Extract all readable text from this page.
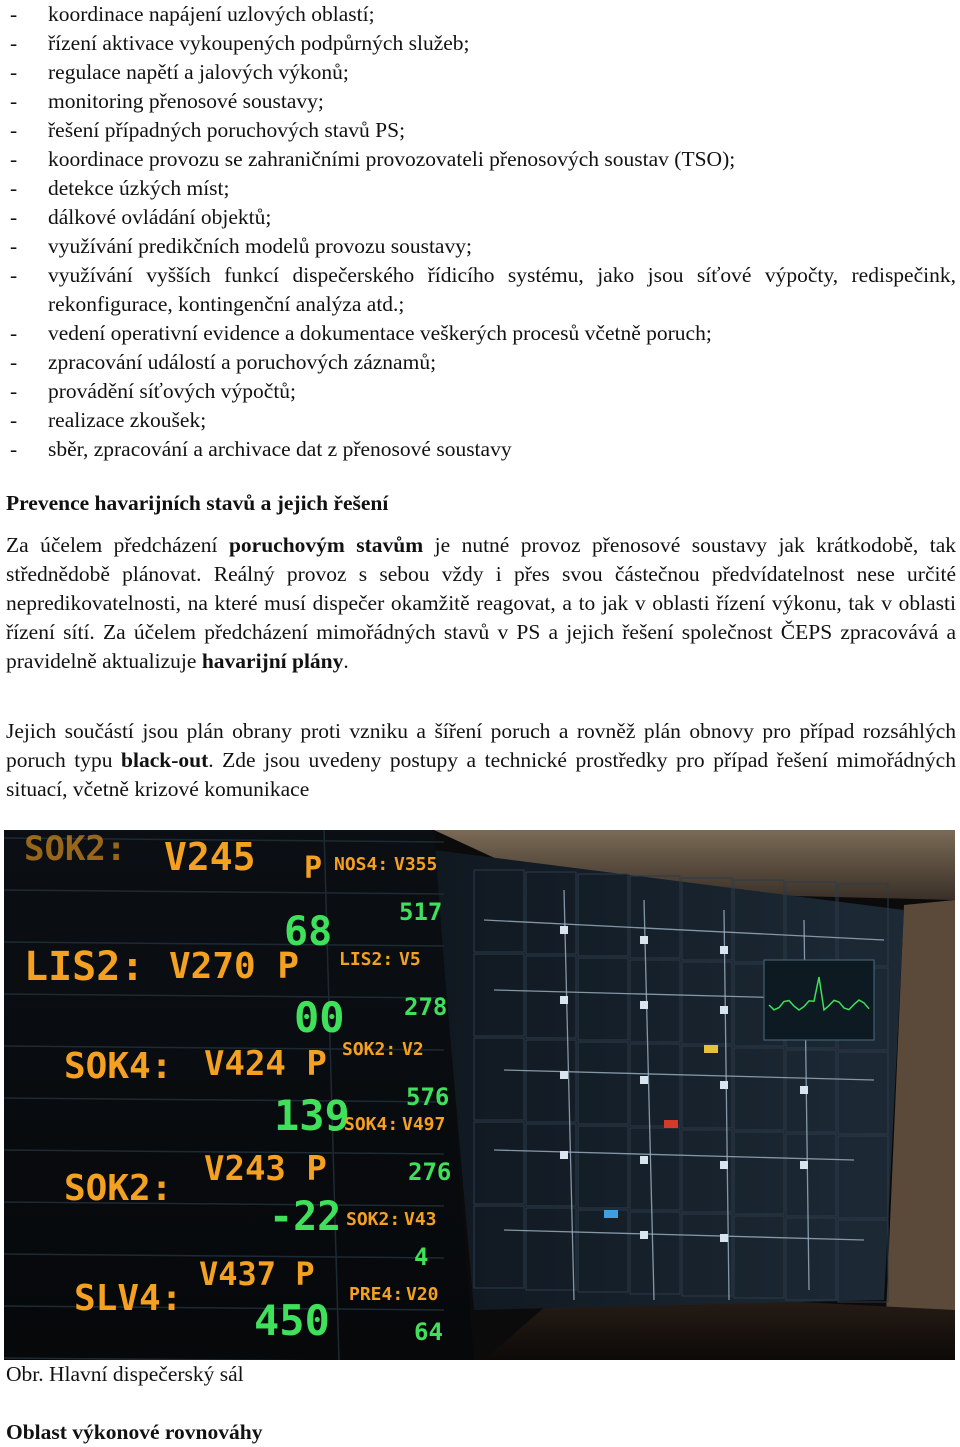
- koordinace napájení uzlových oblastí;
- řízení aktivace vykoupených podpůrných služeb;
- regulace napětí a jalových výkonů;
- monitoring přenosové soustavy;
- řešení případných poruchových stavů PS;
- koordinace provozu se zahraničními provozovateli přenosových soustav (TSO);
- detekce úzkých míst;
- dálkové ovládání objektů;
- využívání predikčních modelů provozu soustavy;
- využívání vyšších funkcí dispečerského řídicího systému, jako jsou síťové výpočty, redispečink, rekonfigurace, kontingenční analýza atd.;
- vedení operativní evidence a dokumentace veškerých procesů včetně poruch;
- zpracování událostí a poruchových záznamů;
- provádění síťových výpočtů;
- realizace zkoušek;
- sběr, zpracování a archivace dat z přenosové soustavy
Prevence havarijních stavů a jejich řešení

Za účelem předcházení poruchovým stavům je nutné provoz přenosové soustavy jak krátkodobě, tak střednědobě plánovat. Reálný provoz s sebou vždy i přes svou částečnou předvídatelnost nese určité nepredikovatelnosti, na které musí dispečer okamžitě reagovat, a to jak v oblasti řízení výkonu, tak v oblasti řízení sítí. Za účelem předcházení mimořádných stavů v PS a jejich řešení společnost ČEPS zpracovává a pravidelně aktualizuje havarijní plány.

Jejich součástí jsou plán obrany proti vzniku a šíření poruch a rovněž plán obnovy pro případ rozsáhlých poruch typu black-out. Zde jsou uvedeny postupy a technické prostředky pro případ řešení mimořádných situací, včetně krizové komunikace

SOK2: V245 P
68
LIS2: V270 P
00
SOK4: V424 P
139
SOK2: V243 P
-22
SLV4:
V437 P
450
NOS4: V355
517
LIS2: V5
278
SOK2: V2
576
SOK4: V497
276
SOK2: V43
4
PRE4: V20
64
Obr. Hlavní dispečerský sál
Oblast výkonové rovnováhy
